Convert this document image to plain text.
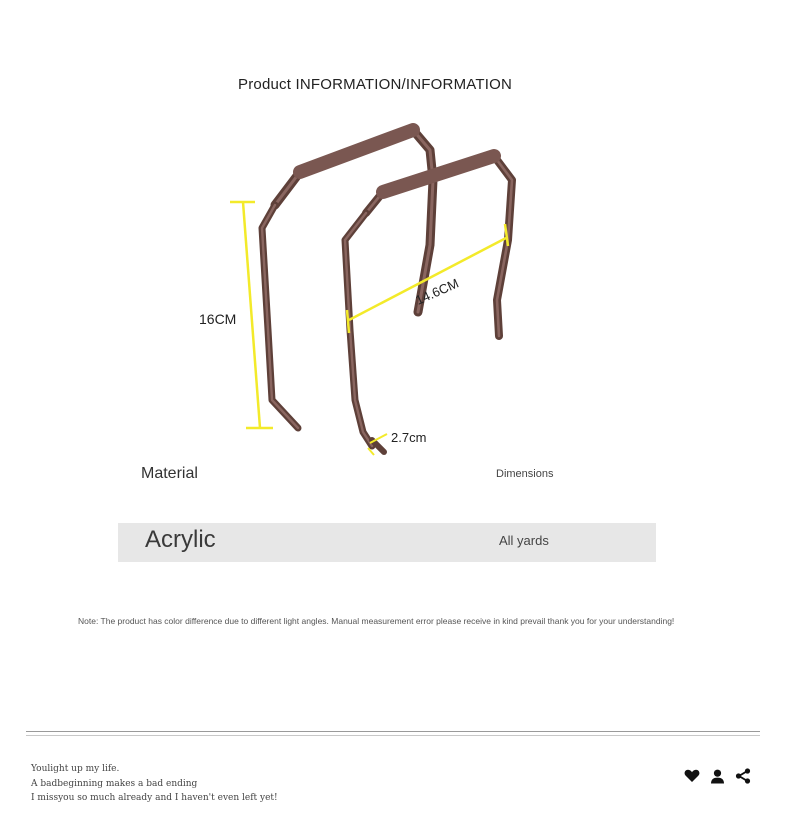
Product INFORMATION/INFORMATION
16CM
14.6CM
2.7cm
Material	Dimensions
Acrylic	All yards
Note: The product has color difference due to different light angles. Manual measurement error please receive in kind prevail thank you for your understanding!
Youlight up my life.
A badbeginning makes a bad ending
I missyou so much already and I haven't even left yet!
